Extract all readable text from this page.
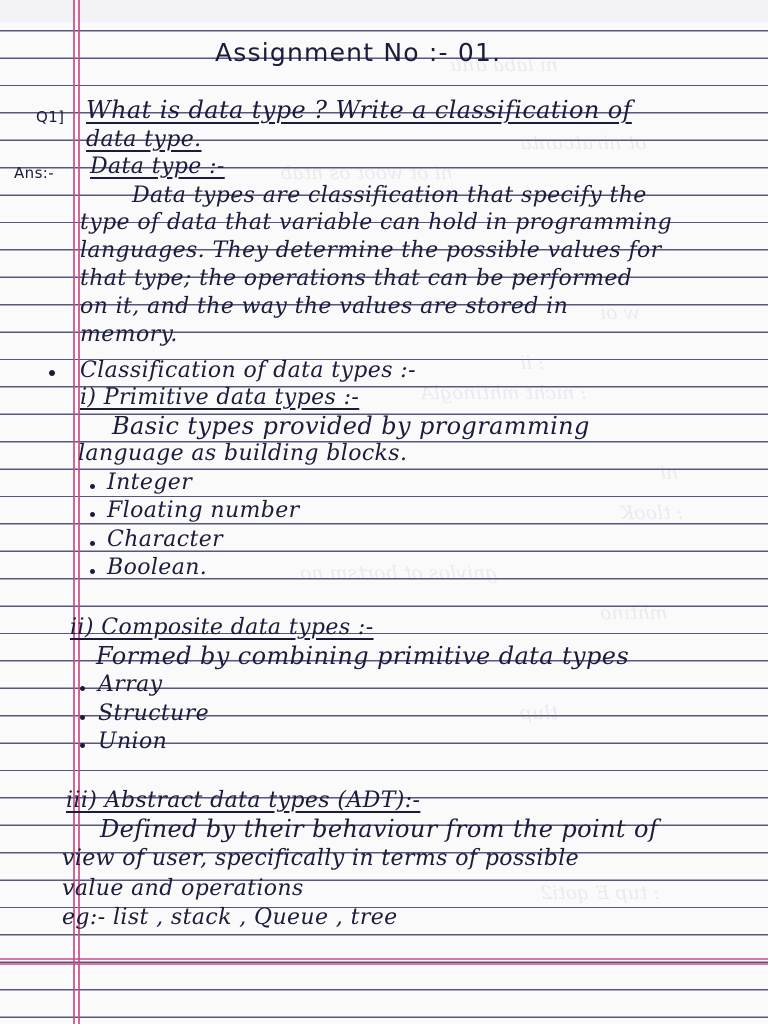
ni laba dnu
ot nirutcunta
ni ot woot os ntab
w oi
: ii
: nicht mhtinoglA
ni
: tlooK
gnivlos ot bortsm no
mhtino
tlup
: tup E qoti2
Assignment No :- 01.
Q1] What is data type ? Write a classification of
data type.
Ans:- Data type :-
Data types are classification that specify the
type of data that variable can hold in programming
languages. They determine the possible values for
that type; the operations that can be performed
on it, and the way the values are stored in
memory.
Classification of data types :-
i) Primitive data types :-
Basic types provided by programming
language as building blocks.
Integer
Floating number
Character
Boolean.
ii) Composite data types :-
Formed by combining primitive data types
Array
Structure
Union
iii) Abstract data types (ADT):-
Defined by their behaviour from the point of
view of user, specifically in terms of possible
value and operations
eg:- list , stack , Queue , tree
